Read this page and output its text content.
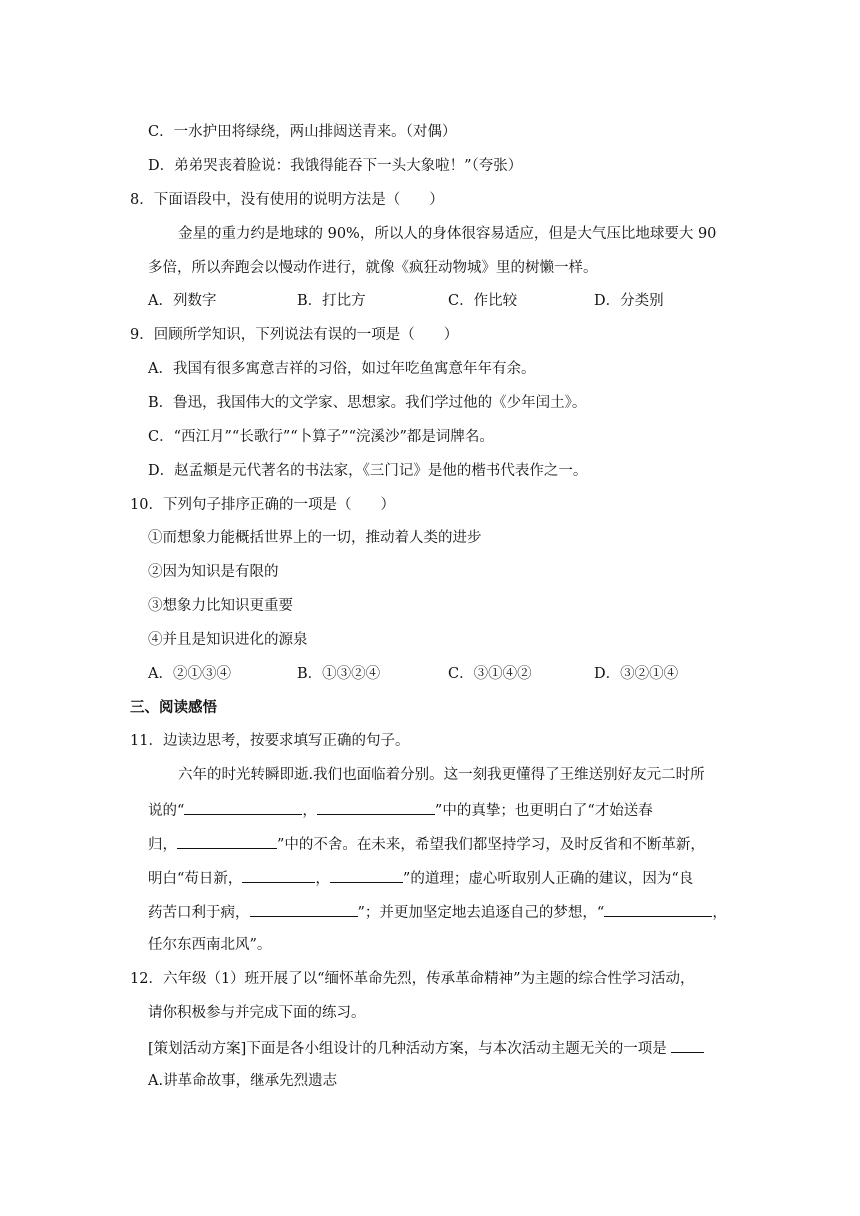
C．一水护田将绿绕，两山排闼送青来。（对偶）
D．弟弟哭丧着脸说：我饿得能吞下一头大象啦！”（夸张）
8．下面语段中，没有使用的说明方法是（　　）
金星的重力约是地球的 90%，所以人的身体很容易适应，但是大气压比地球要大 90
多倍，所以奔跑会以慢动作进行，就像《疯狂动物城》里的树懒一样。
A．列数字	B．打比方	C．作比较	D．分类别
9．回顾所学知识，下列说法有误的一项是（　　）
A．我国有很多寓意吉祥的习俗，如过年吃鱼寓意年年有余。
B．鲁迅，我国伟大的文学家、思想家。我们学过他的《少年闰土》。
C．“西江月”“长歌行”“卜算子”“浣溪沙”都是词牌名。
D．赵孟頫是元代著名的书法家，《三门记》是他的楷书代表作之一。
10．下列句子排序正确的一项是（　　）
①而想象力能概括世界上的一切，推动着人类的进步
②因为知识是有限的
③想象力比知识更重要
④并且是知识进化的源泉
A．②①③④	B．①③②④	C．③①④②	D．③②①④
三、阅读感悟
11．边读边思考，按要求填写正确的句子。
六年的时光转瞬即逝.我们也面临着分别。这一刻我更懂得了王维送别好友元二时所
说的“	，	”中的真挚；也更明白了“才始送春
归，	”中的不舍。在未来，希望我们都坚持学习，及时反省和不断革新，
明白“苟日新，	，	”的道理；虚心听取别人正确的建议，因为“良
药苦口利于病，	”；并更加坚定地去追逐自己的梦想，“	，
任尔东西南北风”。
12．六年级（1）班开展了以“缅怀革命先烈，传承革命精神”为主题的综合性学习活动，
请你积极参与并完成下面的练习。
[策划活动方案]下面是各小组设计的几种活动方案，与本次活动主题无关的一项是
A.讲革命故事，继承先烈遗志
